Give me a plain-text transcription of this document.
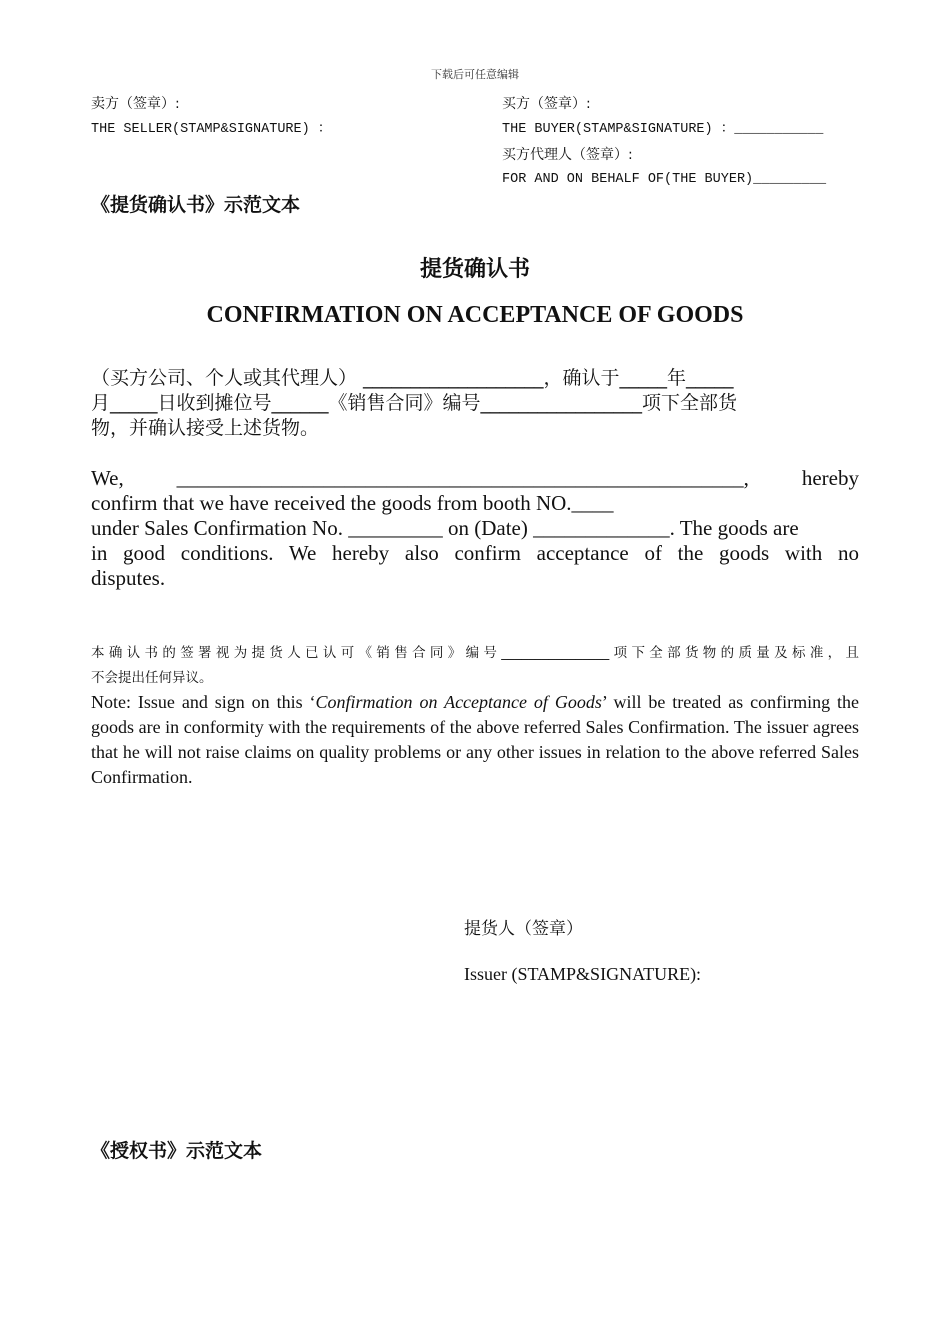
下载后可任意编辑
卖方（签章）:
THE SELLER(STAMP&SIGNATURE) ：
买方（签章）:
THE BUYER(STAMP&SIGNATURE) ：___________
买方代理人（签章）:
FOR AND ON BEHALF OF(THE BUYER)_________
《提货确认书》示范文本
提货确认书
CONFIRMATION ON ACCEPTANCE OF GOODS
（买方公司、个人或其代理人） ___________________，确认于_____年_____
月_____日收到摊位号______《销售合同》编号_________________项下全部货
物，并确认接受上述货物。
We,	______________________________________________________,	hereby
confirm that we have received the goods from booth NO.____
under Sales Confirmation No. _________ on (Date) _____________. The goods are
in good conditions. We hereby also confirm acceptance of the goods with no
disputes.
本确认书的签署视为提货人已认可《销售合同》编号________________项下全部货物的质量及标准，且
不会提出任何异议。
Note: Issue and sign on this ‘Confirmation on Acceptance of Goods’ will be treated as confirming the goods are in conformity with the requirements of the above referred Sales Confirmation. The issuer agrees that he will not raise claims on quality problems or any other issues in relation to the above referred Sales Confirmation.
提货人（签章）
Issuer (STAMP&SIGNATURE):
《授权书》示范文本
